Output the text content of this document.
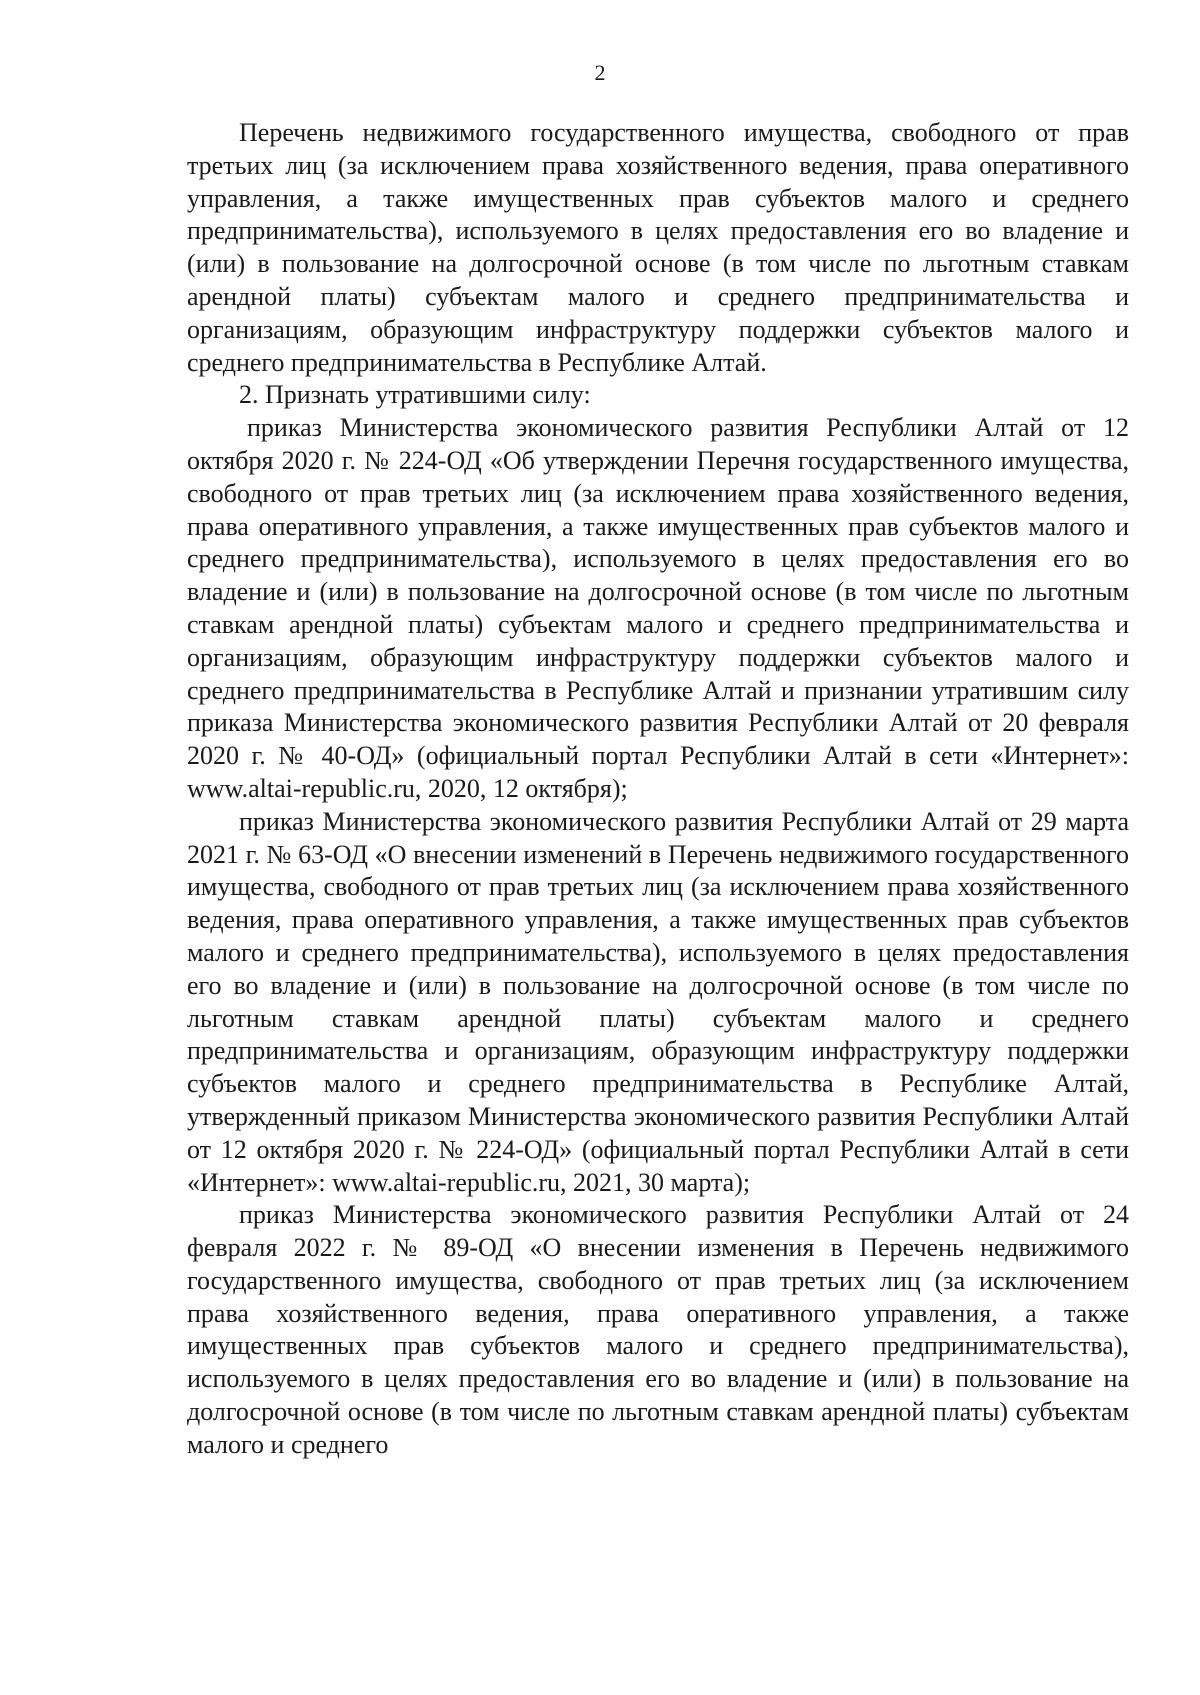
2

Перечень недвижимого государственного имущества, свободного от прав третьих лиц (за исключением права хозяйственного ведения, права оперативного управления, а также имущественных прав субъектов малого и среднего предпринимательства), используемого в целях предоставления его во владение и (или) в пользование на долгосрочной основе (в том числе по льготным ставкам арендной платы) субъектам малого и среднего предпринимательства и организациям, образующим инфраструктуру поддержки субъектов малого и среднего предпринимательства в Республике Алтай.

2. Признать утратившими силу:

приказ Министерства экономического развития Республики Алтай от 12 октября 2020 г. № 224-ОД «Об утверждении Перечня государственного имущества, свободного от прав третьих лиц (за исключением права хозяйственного ведения, права оперативного управления, а также имущественных прав субъектов малого и среднего предпринимательства), используемого в целях предоставления его во владение и (или) в пользование на долгосрочной основе (в том числе по льготным ставкам арендной платы) субъектам малого и среднего предпринимательства и организациям, образующим инфраструктуру поддержки субъектов малого и среднего предпринимательства в Республике Алтай и признании утратившим силу приказа Министерства экономического развития Республики Алтай от 20 февраля 2020 г. № 40-ОД» (официальный портал Республики Алтай в сети «Интернет»: www.altai-republic.ru, 2020, 12 октября);

приказ Министерства экономического развития Республики Алтай от 29 марта 2021 г. № 63-ОД «О внесении изменений в Перечень недвижимого государственного имущества, свободного от прав третьих лиц (за исключением права хозяйственного ведения, права оперативного управления, а также имущественных прав субъектов малого и среднего предпринимательства), используемого в целях предоставления его во владение и (или) в пользование на долгосрочной основе (в том числе по льготным ставкам арендной платы) субъектам малого и среднего предпринимательства и организациям, образующим инфраструктуру поддержки субъектов малого и среднего предпринимательства в Республике Алтай, утвержденный приказом Министерства экономического развития Республики Алтай от 12 октября 2020 г. № 224-ОД» (официальный портал Республики Алтай в сети «Интернет»: www.altai-republic.ru, 2021, 30 марта);

приказ Министерства экономического развития Республики Алтай от 24 февраля 2022 г. № 89-ОД «О внесении изменения в Перечень недвижимого государственного имущества, свободного от прав третьих лиц (за исключением права хозяйственного ведения, права оперативного управления, а также имущественных прав субъектов малого и среднего предпринимательства), используемого в целях предоставления его во владение и (или) в пользование на долгосрочной основе (в том числе по льготным ставкам арендной платы) субъектам малого и среднего
